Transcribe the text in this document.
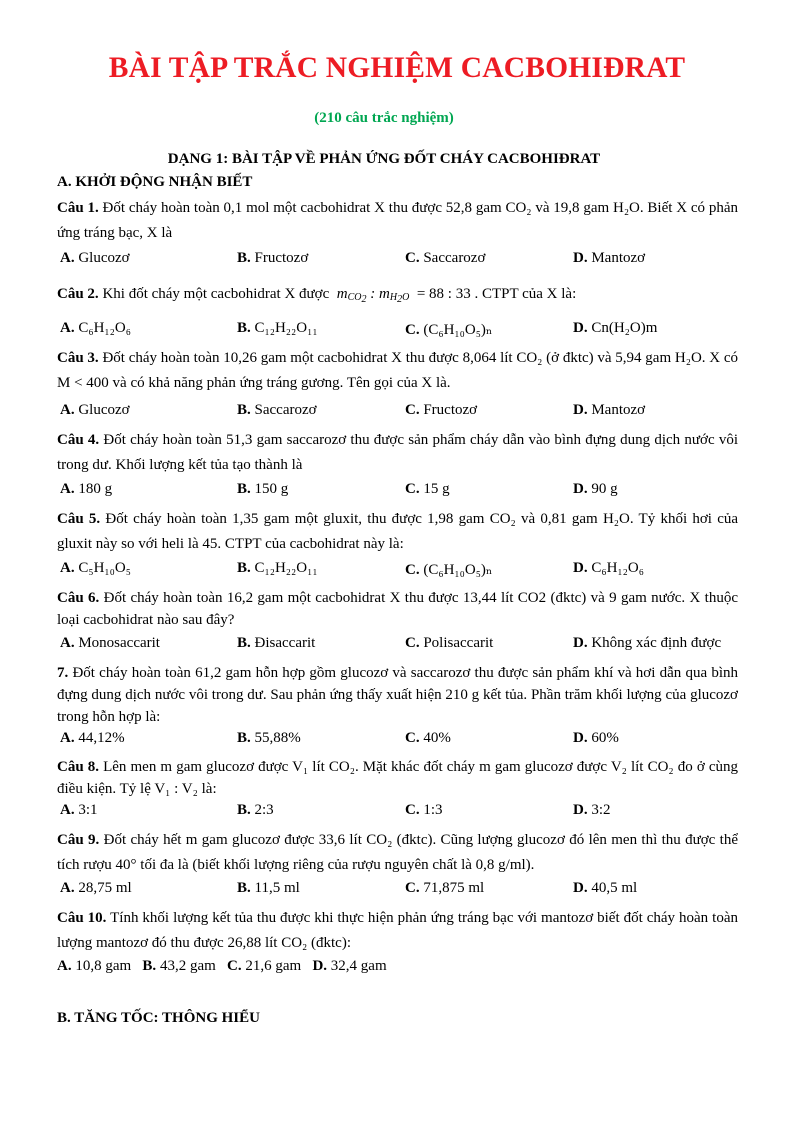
BÀI TẬP TRẮC NGHIỆM CACBOHIĐRAT
(210 câu trắc nghiệm)
DẠNG 1: BÀI TẬP VỀ PHẢN ỨNG ĐỐT CHÁY CACBOHIĐRAT
A. KHỞI ĐỘNG NHẬN BIẾT
Câu 1. Đốt cháy hoàn toàn 0,1 mol một cacbohidrat X thu được 52,8 gam CO₂ và 19,8 gam H₂O. Biết X có phản ứng tráng bạc, X là
A. Glucozơ	B. Fructozơ	C. Saccarozơ	D. Mantozơ
Câu 2. Khi đốt cháy một cacbohidrat X được  $m_{CO_2}$ : $m_{H_2O} = 88$ : 33 . CTPT của X là:
A. C₆H₁₂O₆	B. C₁₂H₂₂O₁₁	C. (C₆H₁₀O₅)ₙ	D. Cn(H₂O)m
Câu 3. Đốt cháy hoàn toàn 10,26 gam một cacbohidrat X thu được 8,064 lít CO₂ (ở đktc) và 5,94 gam H₂O. X có M < 400 và có khả năng phản ứng tráng gương. Tên gọi của X là.
A. Glucozơ	B. Saccarozơ	C. Fructozơ	D. Mantozơ
Câu 4. Đốt cháy hoàn toàn 51,3 gam saccarozơ thu được sản phẩm cháy dẫn vào bình đựng dung dịch nước vôi trong dư. Khối lượng kết tủa tạo thành là
A. 180 g	B. 150 g	C. 15 g	D. 90 g
Câu 5. Đốt cháy hoàn toàn 1,35 gam một gluxit, thu được 1,98 gam CO₂ và 0,81 gam H₂O. Tỷ khối hơi của gluxit này so với heli là 45. CTPT của cacbohidrat này là:
A. C₅H₁₀O₅	B. C₁₂H₂₂O₁₁	C. (C₆H₁₀O₅)ₙ	D. C₆H₁₂O₆
Câu 6. Đốt cháy hoàn toàn 16,2 gam một cacbohidrat X thu được 13,44 lít CO2 (đktc) và 9 gam nước. X thuộc loại cacbohidrat nào sau đây?
A. Monosaccarit	B. Đisaccarit	C. Polisaccarit	D. Không xác định được
7. Đốt cháy hoàn toàn 61,2 gam hỗn hợp gồm glucozơ và saccarozơ thu được sản phẩm khí và hơi dẫn qua bình đựng dung dịch nước vôi trong dư. Sau phản ứng thấy xuất hiện 210 g kết tủa. Phần trăm khối lượng của glucozơ trong hỗn hợp là:
A. 44,12%	B. 55,88%	C. 40%	D. 60%
Câu 8. Lên men m gam glucozơ được V₁ lít CO₂. Mặt khác đốt cháy m gam glucozơ được V₂ lít CO₂ đo ở cùng điều kiện. Tỷ lệ V₁ : V₂ là:
A. 3:1	B. 2:3	C. 1:3	D. 3:2
Câu 9. Đốt cháy hết m gam glucozơ được 33,6 lít CO₂ (đktc). Cũng lượng glucozơ đó lên men thì thu được thể tích rượu 40° tối đa là (biết khối lượng riêng của rượu nguyên chất là 0,8 g/ml).
A. 28,75 ml	B. 11,5 ml	C. 71,875 ml	D. 40,5 ml
Câu 10. Tính khối lượng kết tủa thu được khi thực hiện phản ứng tráng bạc với mantozơ biết đốt cháy hoàn toàn lượng mantozơ đó thu được 26,88 lít CO₂ (đktc):
A. 10,8 gam B. 43,2 gam C. 21,6 gam D. 32,4 gam
B. TĂNG TỐC: THÔNG HIỂU
